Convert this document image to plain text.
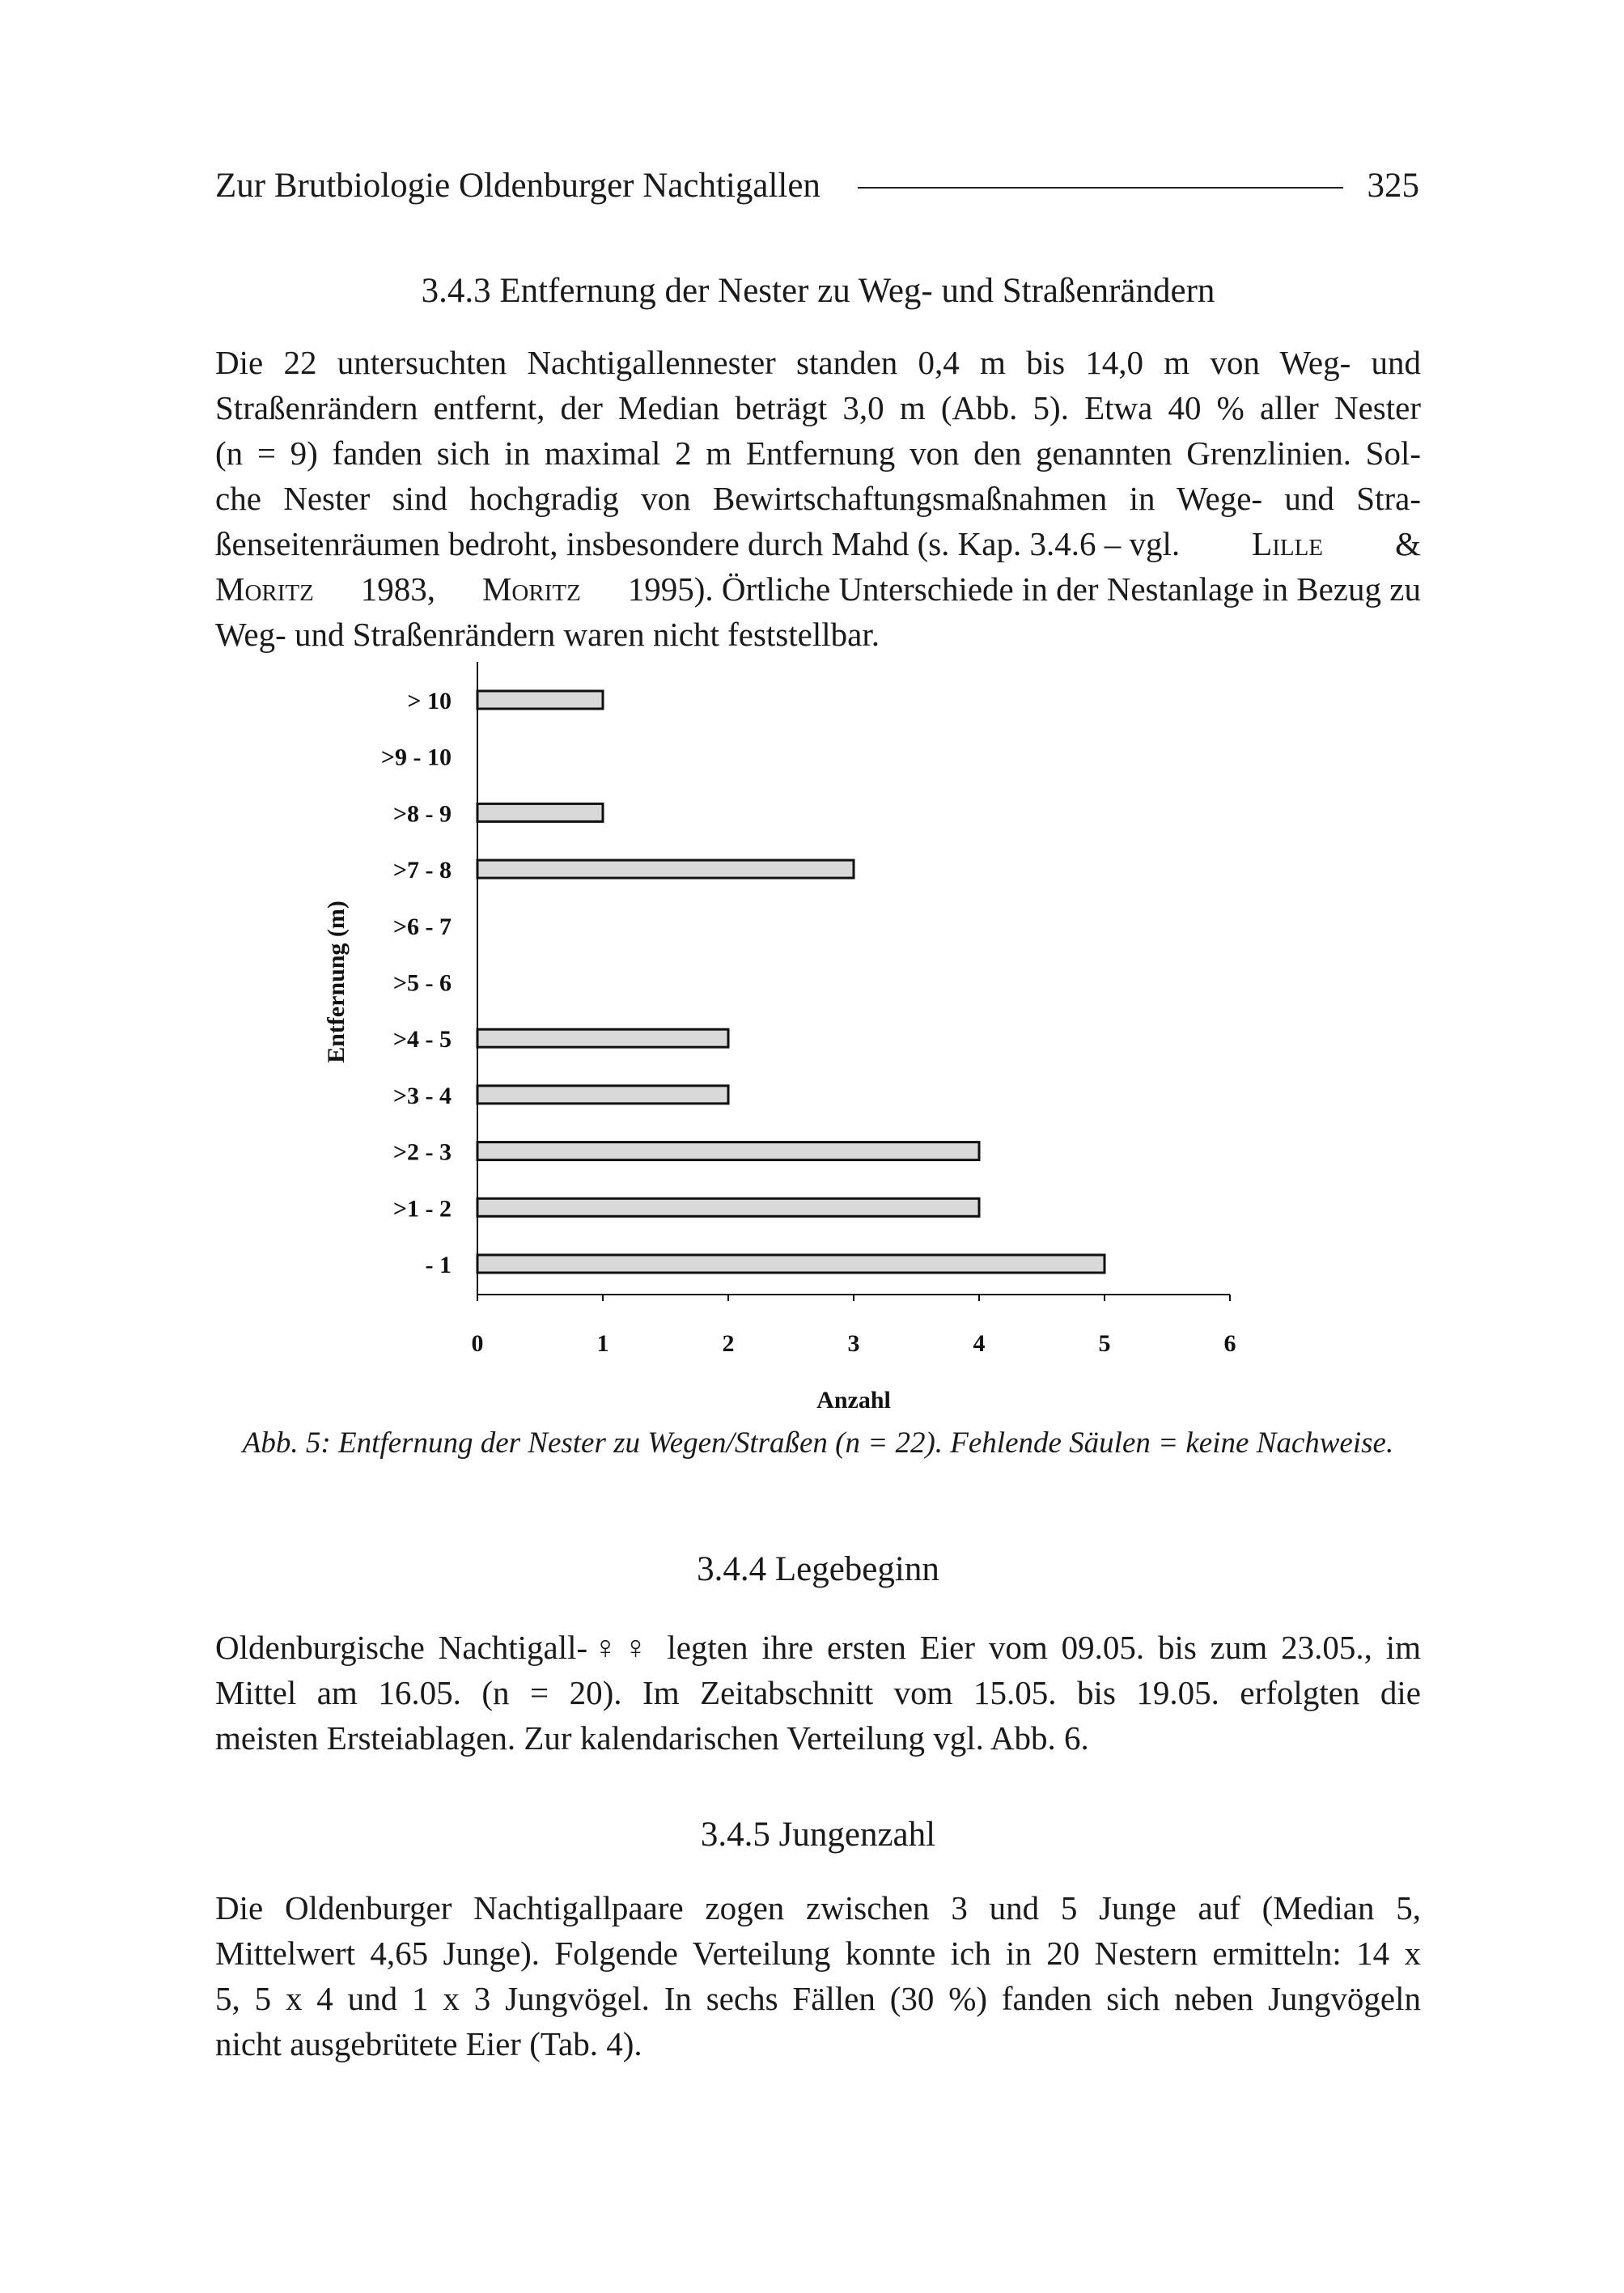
Zur Brutbiologie Oldenburger Nachtigallen	325
3.4.3 Entfernung der Nester zu Weg- und Straßenrändern
Die 22 untersuchten Nachtigallennester standen 0,4 m bis 14,0 m von Weg- und
Straßenrändern entfernt, der Median beträgt 3,0 m (Abb. 5). Etwa 40 % aller Nester
(n = 9) fanden sich in maximal 2 m Entfernung von den genannten Grenzlinien. Sol-
che Nester sind hochgradig von Bewirtschaftungsmaßnahmen in Wege- und Stra-
ßenseitenräumen bedroht, insbesondere durch Mahd (s. Kap. 3.4.6 – vgl. Lille &
Moritz 1983, Moritz 1995). Örtliche Unterschiede in der Nestanlage in Bezug zu
Weg- und Straßenrändern waren nicht feststellbar.
0	1	2	3	4	5	6
> 10
>9 - 10
>8 - 9
>7 - 8
>6 - 7
>5 - 6
>4 - 5
>3 - 4
>2 - 3
>1 - 2
- 1
Anzahl
Entfernung (m)

Abb. 5: Entfernung der Nester zu Wegen/Straßen (n = 22). Fehlende Säulen = keine Nachweise.

3.4.4 Legebeginn
Oldenburgische Nachtigall-♀♀ legten ihre ersten Eier vom 09.05. bis zum 23.05., im
Mittel am 16.05. (n = 20). Im Zeitabschnitt vom 15.05. bis 19.05. erfolgten die
meisten Ersteiablagen. Zur kalendarischen Verteilung vgl. Abb. 6.
3.4.5 Jungenzahl
Die Oldenburger Nachtigallpaare zogen zwischen 3 und 5 Junge auf (Median 5,
Mittelwert 4,65 Junge). Folgende Verteilung konnte ich in 20 Nestern ermitteln: 14 x
5, 5 x 4 und 1 x 3 Jungvögel. In sechs Fällen (30 %) fanden sich neben Jungvögeln
nicht ausgebrütete Eier (Tab. 4).
